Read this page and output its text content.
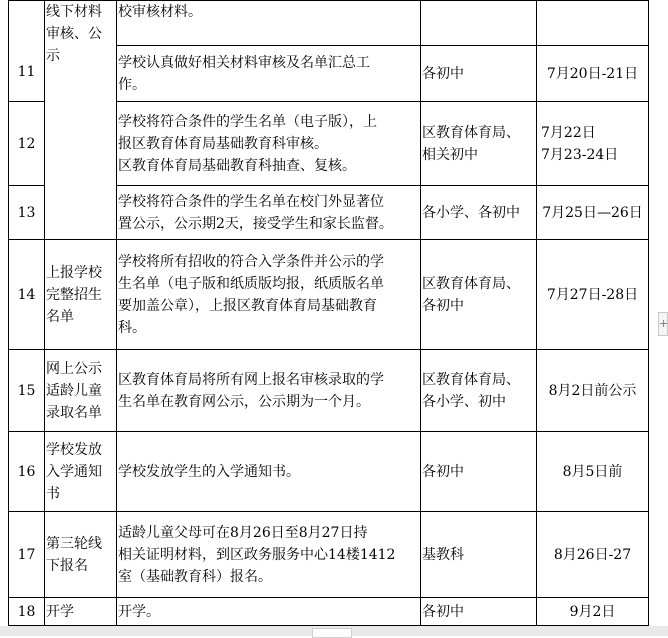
11	线下材料
审核、公
示	校审核材料。		

		学校认真做好相关材料审核及名单汇总工
作。	各初中	7月20日-21日

12		学校将符合条件的学生名单（电子版），上
报区教育体育局基础教育科审核。
区教育体育局基础教育科抽查、复核。	区教育体育局、
相关初中	7月22日
7月23-24日

13		学校将符合条件的学生名单在校门外显著位
置公示，公示期2天，接受学生和家长监督。	各小学、各初中	7月25日—26日

14	上报学校
完整招生
名单	学校将所有招收的符合入学条件并公示的学
生名单（电子版和纸质版均报，纸质版名单
要加盖公章），上报区教育体育局基础教育
科。	区教育体育局、
各初中	7月27日-28日

15	网上公示
适龄儿童
录取名单	区教育体育局将所有网上报名审核录取的学
生名单在教育网公示，公示期为一个月。	区教育体育局、
各小学、初中	8月2日前公示

16	学校发放
入学通知
书	学校发放学生的入学通知书。	各初中	8月5日前

17	第三轮线
下报名	适龄儿童父母可在8月26日至8月27日持
相关证明材料，到区政务服务中心14楼1412
室（基础教育科）报名。	基教科	8月26日-27

18	开学	开学。	各初中	9月2日
+
